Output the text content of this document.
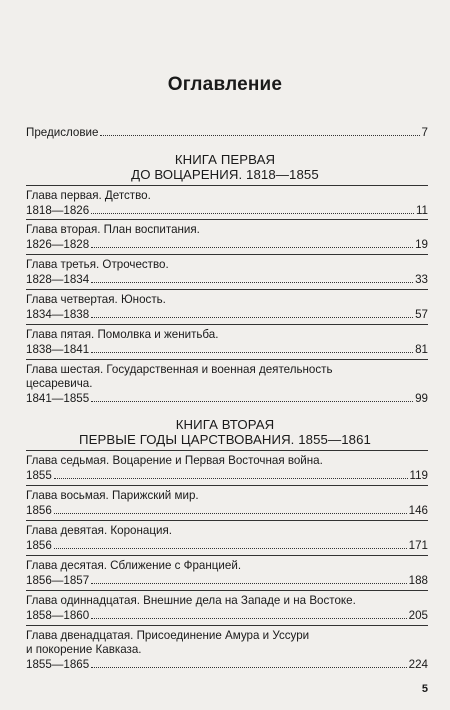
Оглавление
Предисловие	7
КНИГА ПЕРВАЯ
ДО ВОЦАРЕНИЯ. 1818—1855
Глава первая. Детство.
1818—1826	11
Глава вторая. План воспитания.
1826—1828	19
Глава третья. Отрочество.
1828—1834	33
Глава четвертая. Юность.
1834—1838	57
Глава пятая. Помолвка и женитьба.
1838—1841	81
Глава шестая. Государственная и военная деятельность
цесаревича.
1841—1855	99
КНИГА ВТОРАЯ
ПЕРВЫЕ ГОДЫ ЦАРСТВОВАНИЯ. 1855—1861
Глава седьмая. Воцарение и Первая Восточная война.
1855	119
Глава восьмая. Парижский мир.
1856	146
Глава девятая. Коронация.
1856	171
Глава десятая. Сближение с Францией.
1856—1857	188
Глава одиннадцатая. Внешние дела на Западе и на Востоке.
1858—1860	205
Глава двенадцатая. Присоединение Амура и Уссури
и покорение Кавказа.
1855—1865	224
5
